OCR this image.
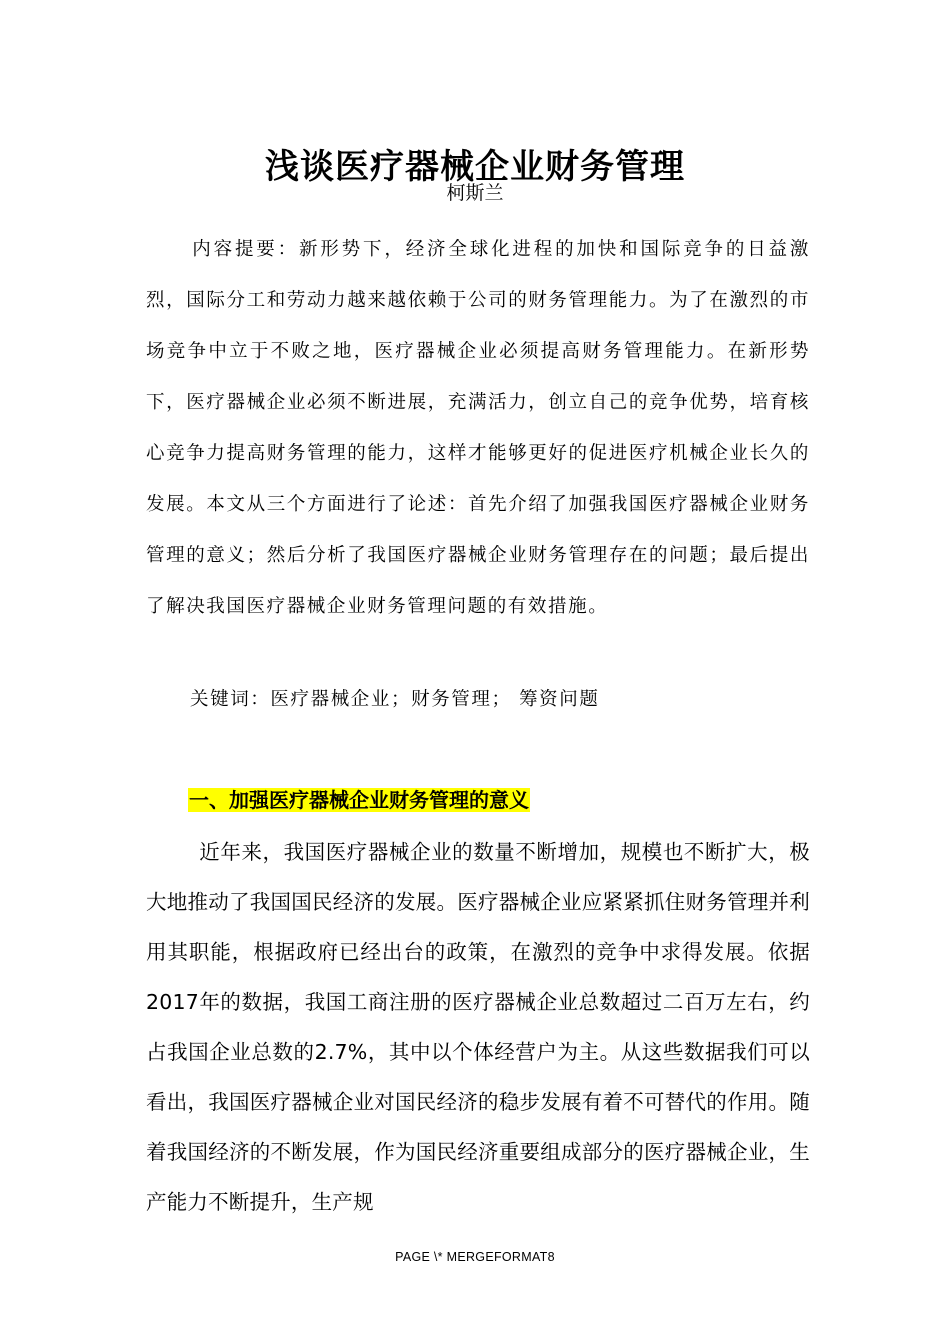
浅谈医疗器械企业财务管理
柯斯兰

内容提要：新形势下，经济全球化进程的加快和国际竞争的日益激烈，国际分工和劳动力越来越依赖于公司的财务管理能力。为了在激烈的市场竞争中立于不败之地，医疗器械企业必须提高财务管理能力。在新形势下，医疗器械企业必须不断进展，充满活力，创立自己的竞争优势，培育核心竞争力提高财务管理的能力，这样才能够更好的促进医疗机械企业长久的发展。本文从三个方面进行了论述：首先介绍了加强我国医疗器械企业财务管理的意义；然后分析了我国医疗器械企业财务管理存在的问题；最后提出了解决我国医疗器械企业财务管理问题的有效措施。

关键词：医疗器械企业；财务管理； 筹资问题

一、加强医疗器械企业财务管理的意义

近年来，我国医疗器械企业的数量不断增加，规模也不断扩大，极大地推动了我国国民经济的发展。医疗器械企业应紧紧抓住财务管理并利用其职能，根据政府已经出台的政策，在激烈的竞争中求得发展。依据2017年的数据，我国工商注册的医疗器械企业总数超过二百万左右，约占我国企业总数的2.7%，其中以个体经营户为主。从这些数据我们可以看出，我国医疗器械企业对国民经济的稳步发展有着不可替代的作用。随着我国经济的不断发展，作为国民经济重要组成部分的医疗器械企业，生产能力不断提升，生产规

PAGE \* MERGEFORMAT8
